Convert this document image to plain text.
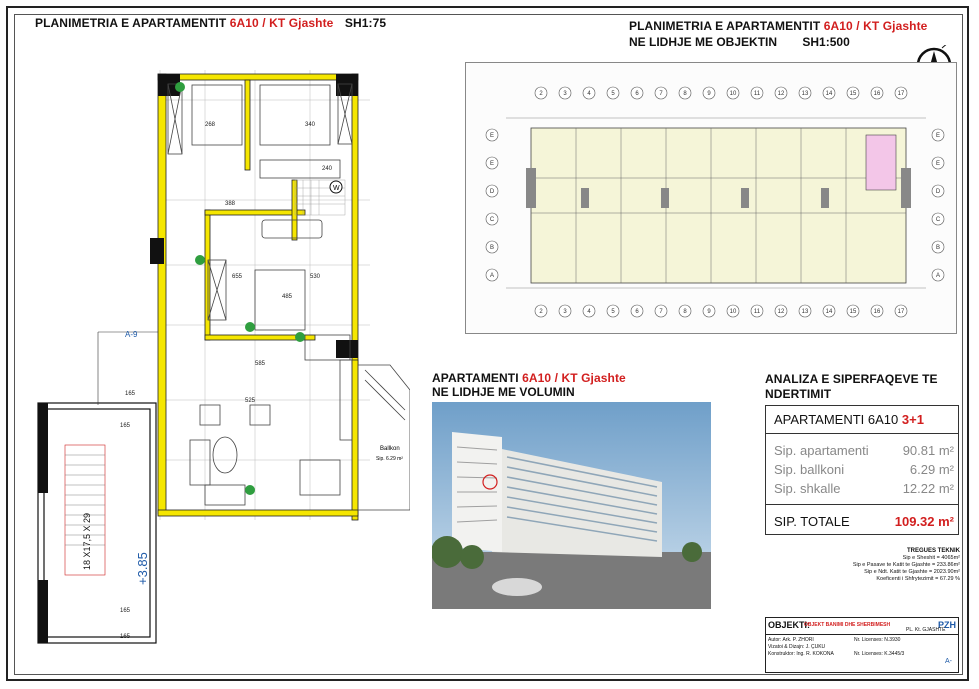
PLANIMETRIA E APARTAMENTIT 6A10 / KT Gjashte SH1:75	PLANIMETRIA E APARTAMENTIT 6A10 / KT Gjashte
NE LIDHJE ME OBJEKTIN SH1:500
W
268	340
240
388
655	530
485
585
525
165
165
165
165
Ballkon
Sip. 6.29 m²
A-9
+3.85
18 X17,5 X 29
2	3	4	5	6	7	8	9	10	11	12	13	14	15	16	17
2	3	4	5	6	7	8	9	10	11	12	13	14	15	16	17
E
E
D
C
B
A
E
E
D
C
B
A
APARTAMENTI 6A10 / KT Gjashte
NE LIDHJE ME VOLUMIN
ANALIZA E SIPERFAQEVE TE
NDERTIMIT
APARTAMENTI 6A10 3+1
Sip. apartamenti	90.81 m²
Sip. ballkoni	6.29 m²
Sip. shkalle	12.22 m²
SIP. TOTALE	109.32 m²
TREGUES TEKNIK
Sip e Sheshit = 4065m²
Sip e Pasave te Katit te Gjashte = 233.86m²
Sip e Ndt. Katit te Gjashte = 2023.90m²
Koeficenti i Shfrytezimit = 67.29 %
OBJEKTI:
OBJEKT BANIMI DHE SHERBIMESH	PZH
Autor: Ark. P. ZHORI
Vizatoi & Dizajn: J. ÇUKU
Konstruktor: Ing. R. KOKONA
Nr. Licenses: N.3930
Nr. Licenses: K.3445/3
PL. Kt. GJASHTE
A-
